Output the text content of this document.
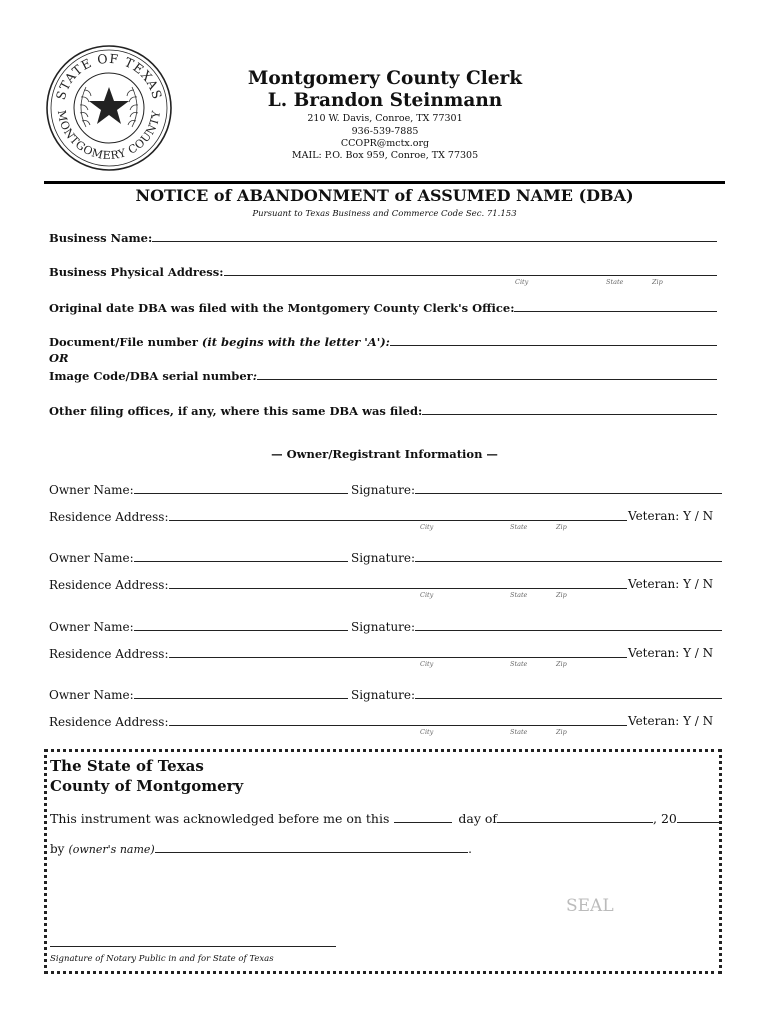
STATE OF TEXAS
MONTGOMERY COUNTY
Montgomery County Clerk
L. Brandon Steinmann
210 W. Davis, Conroe, TX 77301
936-539-7885
CCOPR@mctx.org
MAIL: P.O. Box 959, Conroe, TX 77305
NOTICE of ABANDONMENT of ASSUMED NAME (DBA)
Pursuant to Texas Business and Commerce Code Sec. 71.153
Business Name:
Business Physical Address:
City	State	Zip
Original date DBA was filed with the Montgomery County Clerk's Office:
Document/File number (it begins with the letter 'A'):
OR
Image Code/DBA serial number :
Other filing offices, if any, where this same DBA was filed:
— Owner/Registrant Information —
Owner Name:	Signature:
Residence Address:	Veteran: Y / N
City	State	Zip
Owner Name:	Signature:
Residence Address:	Veteran: Y / N
City	State	Zip
Owner Name:	Signature:
Residence Address:	Veteran: Y / N
City	State	Zip
Owner Name:	Signature:
Residence Address:	Veteran: Y / N
City	State	Zip
The State of Texas
County of Montgomery
This instrument was acknowledged before me on this	day of	, 20
by (owner's name)	.
SEAL
Signature of Notary Public in and for State of Texas
